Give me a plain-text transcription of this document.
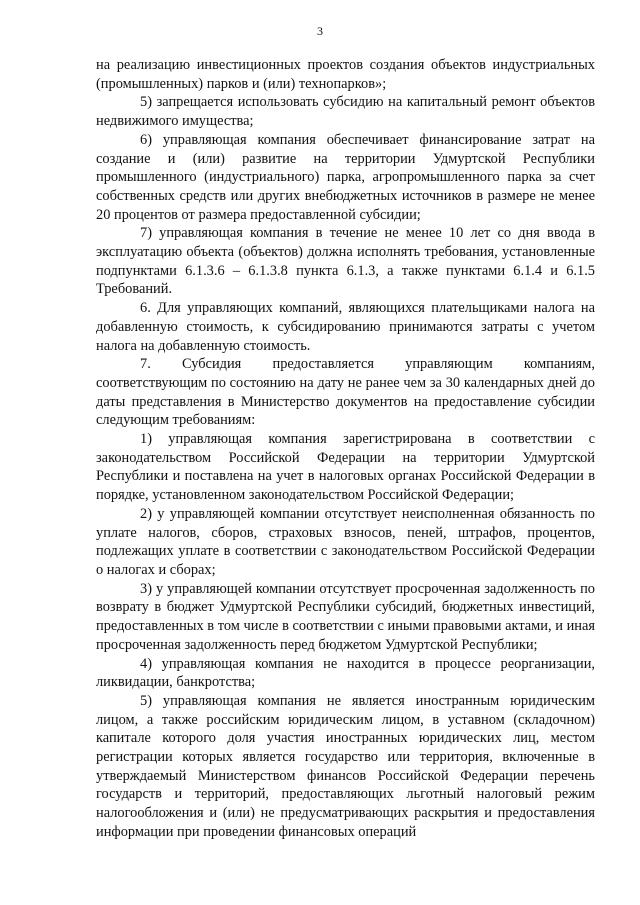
3

на реализацию инвестиционных проектов создания объектов индустриальных (промышленных) парков и (или) технопарков»;

5) запрещается использовать субсидию на капитальный ремонт объектов недвижимого имущества;

6) управляющая компания обеспечивает финансирование затрат на создание и (или) развитие на территории Удмуртской Республики промышленного (индустриального) парка, агропромышленного парка за счет собственных средств или других внебюджетных источников в размере не менее 20 процентов от размера предоставленной субсидии;

7) управляющая компания в течение не менее 10 лет со дня ввода в эксплуатацию объекта (объектов) должна исполнять требования, установленные подпунктами 6.1.3.6 – 6.1.3.8 пункта 6.1.3, а также пунктами 6.1.4 и 6.1.5 Требований.

6. Для управляющих компаний, являющихся плательщиками налога на добавленную стоимость, к субсидированию принимаются затраты с учетом налога на добавленную стоимость.

7. Субсидия предоставляется управляющим компаниям, соответствующим по состоянию на дату не ранее чем за 30 календарных дней до даты представления в Министерство документов на предоставление субсидии следующим требованиям:

1) управляющая компания зарегистрирована в соответствии с законодательством Российской Федерации на территории Удмуртской Республики и поставлена на учет в налоговых органах Российской Федерации в порядке, установленном законодательством Российской Федерации;

2) у управляющей компании отсутствует неисполненная обязанность по уплате налогов, сборов, страховых взносов, пеней, штрафов, процентов, подлежащих уплате в соответствии с законодательством Российской Федерации о налогах и сборах;

3) у управляющей компании отсутствует просроченная задолженность по возврату в бюджет Удмуртской Республики субсидий, бюджетных инвестиций, предоставленных в том числе в соответствии с иными правовыми актами, и иная просроченная задолженность перед бюджетом Удмуртской Республики;

4) управляющая компания не находится в процессе реорганизации, ликвидации, банкротства;

5) управляющая компания не является иностранным юридическим лицом, а также российским юридическим лицом, в уставном (складочном) капитале которого доля участия иностранных юридических лиц, местом регистрации которых является государство или территория, включенные в утверждаемый Министерством финансов Российской Федерации перечень государств и территорий, предоставляющих льготный налоговый режим налогообложения и (или) не предусматривающих раскрытия и предоставления информации при проведении финансовых операций
